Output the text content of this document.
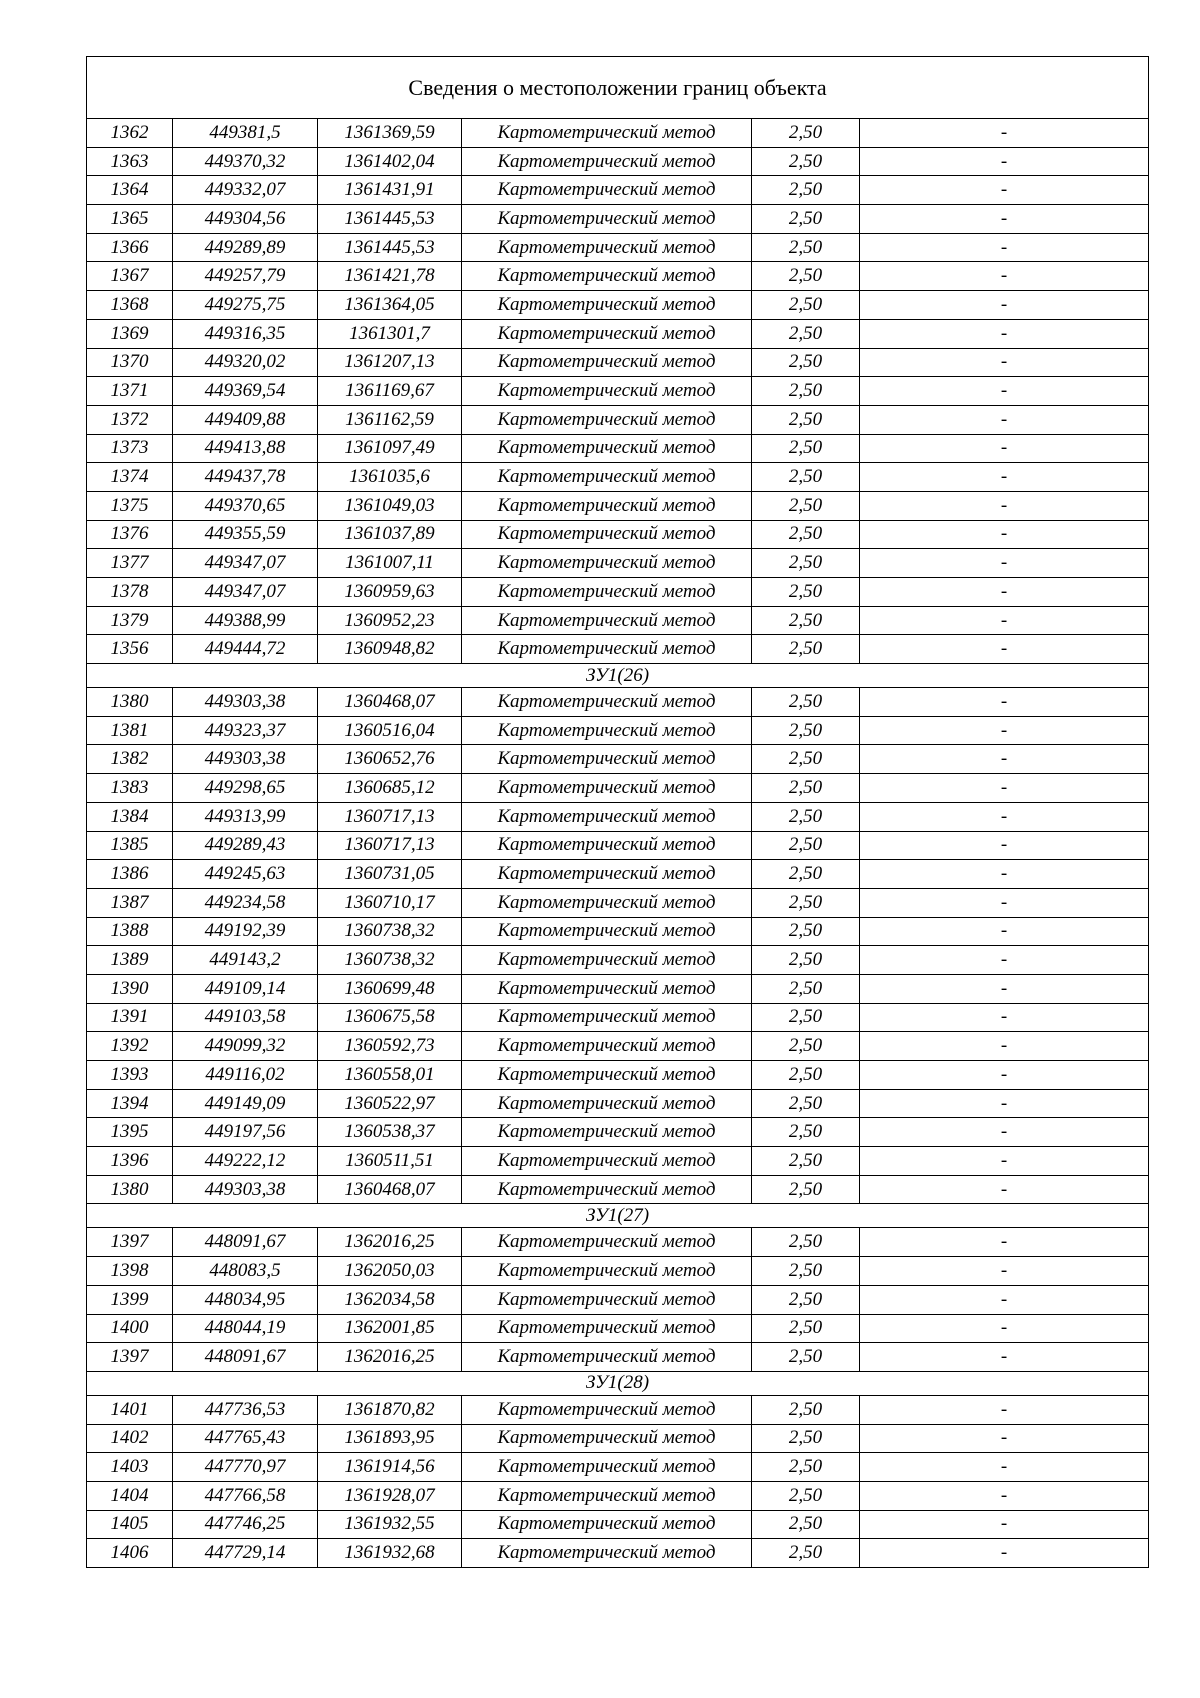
Сведения о местоположении границ объекта					
1362	449381,5	1361369,59	Картометрический метод	2,50	-
1363	449370,32	1361402,04	Картометрический метод	2,50	-
1364	449332,07	1361431,91	Картометрический метод	2,50	-
1365	449304,56	1361445,53	Картометрический метод	2,50	-
1366	449289,89	1361445,53	Картометрический метод	2,50	-
1367	449257,79	1361421,78	Картометрический метод	2,50	-
1368	449275,75	1361364,05	Картометрический метод	2,50	-
1369	449316,35	1361301,7	Картометрический метод	2,50	-
1370	449320,02	1361207,13	Картометрический метод	2,50	-
1371	449369,54	1361169,67	Картометрический метод	2,50	-
1372	449409,88	1361162,59	Картометрический метод	2,50	-
1373	449413,88	1361097,49	Картометрический метод	2,50	-
1374	449437,78	1361035,6	Картометрический метод	2,50	-
1375	449370,65	1361049,03	Картометрический метод	2,50	-
1376	449355,59	1361037,89	Картометрический метод	2,50	-
1377	449347,07	1361007,11	Картометрический метод	2,50	-
1378	449347,07	1360959,63	Картометрический метод	2,50	-
1379	449388,99	1360952,23	Картометрический метод	2,50	-
1356	449444,72	1360948,82	Картометрический метод	2,50	-
ЗУ1(26)					
1380	449303,38	1360468,07	Картометрический метод	2,50	-
1381	449323,37	1360516,04	Картометрический метод	2,50	-
1382	449303,38	1360652,76	Картометрический метод	2,50	-
1383	449298,65	1360685,12	Картометрический метод	2,50	-
1384	449313,99	1360717,13	Картометрический метод	2,50	-
1385	449289,43	1360717,13	Картометрический метод	2,50	-
1386	449245,63	1360731,05	Картометрический метод	2,50	-
1387	449234,58	1360710,17	Картометрический метод	2,50	-
1388	449192,39	1360738,32	Картометрический метод	2,50	-
1389	449143,2	1360738,32	Картометрический метод	2,50	-
1390	449109,14	1360699,48	Картометрический метод	2,50	-
1391	449103,58	1360675,58	Картометрический метод	2,50	-
1392	449099,32	1360592,73	Картометрический метод	2,50	-
1393	449116,02	1360558,01	Картометрический метод	2,50	-
1394	449149,09	1360522,97	Картометрический метод	2,50	-
1395	449197,56	1360538,37	Картометрический метод	2,50	-
1396	449222,12	1360511,51	Картометрический метод	2,50	-
1380	449303,38	1360468,07	Картометрический метод	2,50	-
ЗУ1(27)					
1397	448091,67	1362016,25	Картометрический метод	2,50	-
1398	448083,5	1362050,03	Картометрический метод	2,50	-
1399	448034,95	1362034,58	Картометрический метод	2,50	-
1400	448044,19	1362001,85	Картометрический метод	2,50	-
1397	448091,67	1362016,25	Картометрический метод	2,50	-
ЗУ1(28)					
1401	447736,53	1361870,82	Картометрический метод	2,50	-
1402	447765,43	1361893,95	Картометрический метод	2,50	-
1403	447770,97	1361914,56	Картометрический метод	2,50	-
1404	447766,58	1361928,07	Картометрический метод	2,50	-
1405	447746,25	1361932,55	Картометрический метод	2,50	-
1406	447729,14	1361932,68	Картометрический метод	2,50	-
